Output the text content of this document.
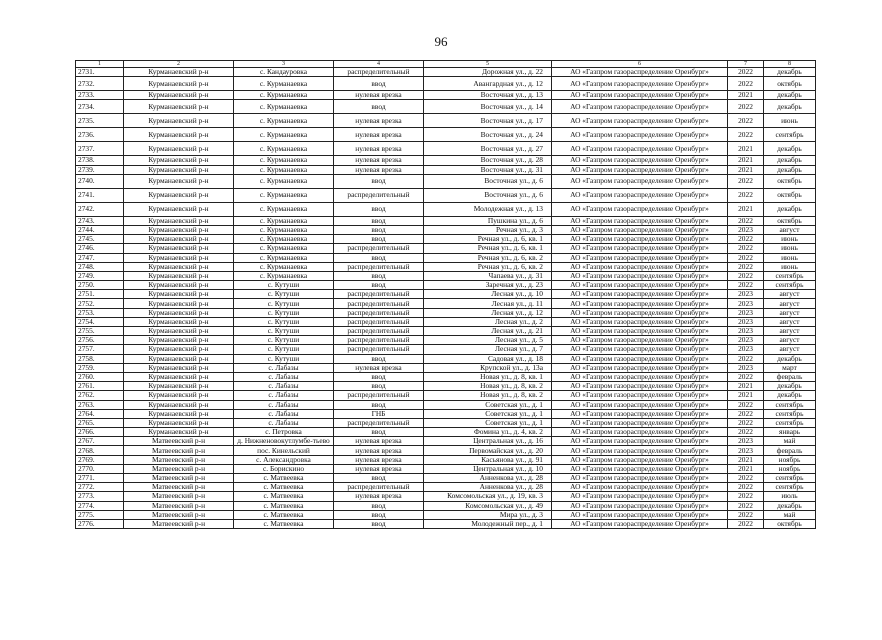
96
1	2	3	4	5	6	7	8
2731.	Курманаевский р-н	с. Кандауровка	распределительный	Дорожная ул., д. 22	АО «Газпром газораспределение Оренбург»	2022	декабрь
2732.	Курманаевский р-н	с. Курманаевка	ввод	Авангардная ул., д. 12	АО «Газпром газораспределение Оренбург»	2022	октябрь
2733.	Курманаевский р-н	с. Курманаевка	нулевая врезка	Восточная ул., д. 13	АО «Газпром газораспределение Оренбург»	2021	декабрь
2734.	Курманаевский р-н	с. Курманаевка	ввод	Восточная ул., д. 14	АО «Газпром газораспределение Оренбург»	2022	декабрь
2735.	Курманаевский р-н	с. Курманаевка	нулевая врезка	Восточная ул., д. 17	АО «Газпром газораспределение Оренбург»	2022	июнь
2736.	Курманаевский р-н	с. Курманаевка	нулевая врезка	Восточная ул., д. 24	АО «Газпром газораспределение Оренбург»	2022	сентябрь
2737.	Курманаевский р-н	с. Курманаевка	нулевая врезка	Восточная ул., д. 27	АО «Газпром газораспределение Оренбург»	2021	декабрь
2738.	Курманаевский р-н	с. Курманаевка	нулевая врезка	Восточная ул., д. 28	АО «Газпром газораспределение Оренбург»	2021	декабрь
2739.	Курманаевский р-н	с. Курманаевка	нулевая врезка	Восточная ул., д. 31	АО «Газпром газораспределение Оренбург»	2021	декабрь
2740.	Курманаевский р-н	с. Курманаевка	ввод	Восточная ул., д. 6	АО «Газпром газораспределение Оренбург»	2022	октябрь
2741.	Курманаевский р-н	с. Курманаевка	распределительный	Восточная ул., д. 6	АО «Газпром газораспределение Оренбург»	2022	октябрь
2742.	Курманаевский р-н	с. Курманаевка	ввод	Молодежная ул., д. 13	АО «Газпром газораспределение Оренбург»	2021	декабрь
2743.	Курманаевский р-н	с. Курманаевка	ввод	Пушкина ул., д. 6	АО «Газпром газораспределение Оренбург»	2022	октябрь
2744.	Курманаевский р-н	с. Курманаевка	ввод	Речная ул., д. 3	АО «Газпром газораспределение Оренбург»	2023	август
2745.	Курманаевский р-н	с. Курманаевка	ввод	Речная ул., д. 6, кв. 1	АО «Газпром газораспределение Оренбург»	2022	июнь
2746.	Курманаевский р-н	с. Курманаевка	распределительный	Речная ул., д. 6, кв. 1	АО «Газпром газораспределение Оренбург»	2022	июнь
2747.	Курманаевский р-н	с. Курманаевка	ввод	Речная ул., д. 6, кв. 2	АО «Газпром газораспределение Оренбург»	2022	июнь
2748.	Курманаевский р-н	с. Курманаевка	распределительный	Речная ул., д. 6, кв. 2	АО «Газпром газораспределение Оренбург»	2022	июнь
2749.	Курманаевский р-н	с. Курманаевка	ввод	Чапаева ул., д. 31	АО «Газпром газораспределение Оренбург»	2022	сентябрь
2750.	Курманаевский р-н	с. Кутуши	ввод	Заречная ул., д. 23	АО «Газпром газораспределение Оренбург»	2022	сентябрь
2751.	Курманаевский р-н	с. Кутуши	распределительный	Лесная ул., д. 10	АО «Газпром газораспределение Оренбург»	2023	август
2752.	Курманаевский р-н	с. Кутуши	распределительный	Лесная ул., д. 11	АО «Газпром газораспределение Оренбург»	2023	август
2753.	Курманаевский р-н	с. Кутуши	распределительный	Лесная ул., д. 12	АО «Газпром газораспределение Оренбург»	2023	август
2754.	Курманаевский р-н	с. Кутуши	распределительный	Лесная ул., д. 2	АО «Газпром газораспределение Оренбург»	2023	август
2755.	Курманаевский р-н	с. Кутуши	распределительный	Лесная ул., д. 21	АО «Газпром газораспределение Оренбург»	2023	август
2756.	Курманаевский р-н	с. Кутуши	распределительный	Лесная ул., д. 5	АО «Газпром газораспределение Оренбург»	2023	август
2757.	Курманаевский р-н	с. Кутуши	распределительный	Лесная ул., д. 7	АО «Газпром газораспределение Оренбург»	2023	август
2758.	Курманаевский р-н	с. Кутуши	ввод	Садовая ул., д. 18	АО «Газпром газораспределение Оренбург»	2022	декабрь
2759.	Курманаевский р-н	с. Лабазы	нулевая врезка	Крупской ул., д. 13а	АО «Газпром газораспределение Оренбург»	2023	март
2760.	Курманаевский р-н	с. Лабазы	ввод	Новая ул., д. 8, кв. 1	АО «Газпром газораспределение Оренбург»	2022	февраль
2761.	Курманаевский р-н	с. Лабазы	ввод	Новая ул., д. 8, кв. 2	АО «Газпром газораспределение Оренбург»	2021	декабрь
2762.	Курманаевский р-н	с. Лабазы	распределительный	Новая ул., д. 8, кв. 2	АО «Газпром газораспределение Оренбург»	2021	декабрь
2763.	Курманаевский р-н	с. Лабазы	ввод	Советская ул., д. 1	АО «Газпром газораспределение Оренбург»	2022	сентябрь
2764.	Курманаевский р-н	с. Лабазы	ГНБ	Советская ул., д. 1	АО «Газпром газораспределение Оренбург»	2022	сентябрь
2765.	Курманаевский р-н	с. Лабазы	распределительный	Советская ул., д. 1	АО «Газпром газораспределение Оренбург»	2022	сентябрь
2766.	Курманаевский р-н	с. Петровка	ввод	Фомина ул., д. 4, кв. 2	АО «Газпром газораспределение Оренбург»	2022	январь
2767.	Матвеевский р-н	д. Нижненовокутлумбе-тьево	нулевая врезка	Центральная ул., д. 16	АО «Газпром газораспределение Оренбург»	2023	май
2768.	Матвеевский р-н	пос. Кинельский	нулевая врезка	Первомайская ул., д. 20	АО «Газпром газораспределение Оренбург»	2023	февраль
2769.	Матвеевский р-н	с. Александровка	нулевая врезка	Касьянова ул., д. 91	АО «Газпром газораспределение Оренбург»	2021	ноябрь
2770.	Матвеевский р-н	с. Борискино	нулевая врезка	Центральная ул., д. 10	АО «Газпром газораспределение Оренбург»	2021	ноябрь
2771.	Матвеевский р-н	с. Матвеевка	ввод	Анненкова ул., д. 28	АО «Газпром газораспределение Оренбург»	2022	сентябрь
2772.	Матвеевский р-н	с. Матвеевка	распределительный	Анненкова ул., д. 28	АО «Газпром газораспределение Оренбург»	2022	сентябрь
2773.	Матвеевский р-н	с. Матвеевка	нулевая врезка	Комсомольская ул., д. 19, кв. 3	АО «Газпром газораспределение Оренбург»	2022	июль
2774.	Матвеевский р-н	с. Матвеевка	ввод	Комсомольская ул., д. 49	АО «Газпром газораспределение Оренбург»	2022	декабрь
2775.	Матвеевский р-н	с. Матвеевка	ввод	Мира ул., д. 3	АО «Газпром газораспределение Оренбург»	2022	май
2776.	Матвеевский р-н	с. Матвеевка	ввод	Молодежный пер., д. 1	АО «Газпром газораспределение Оренбург»	2022	октябрь
